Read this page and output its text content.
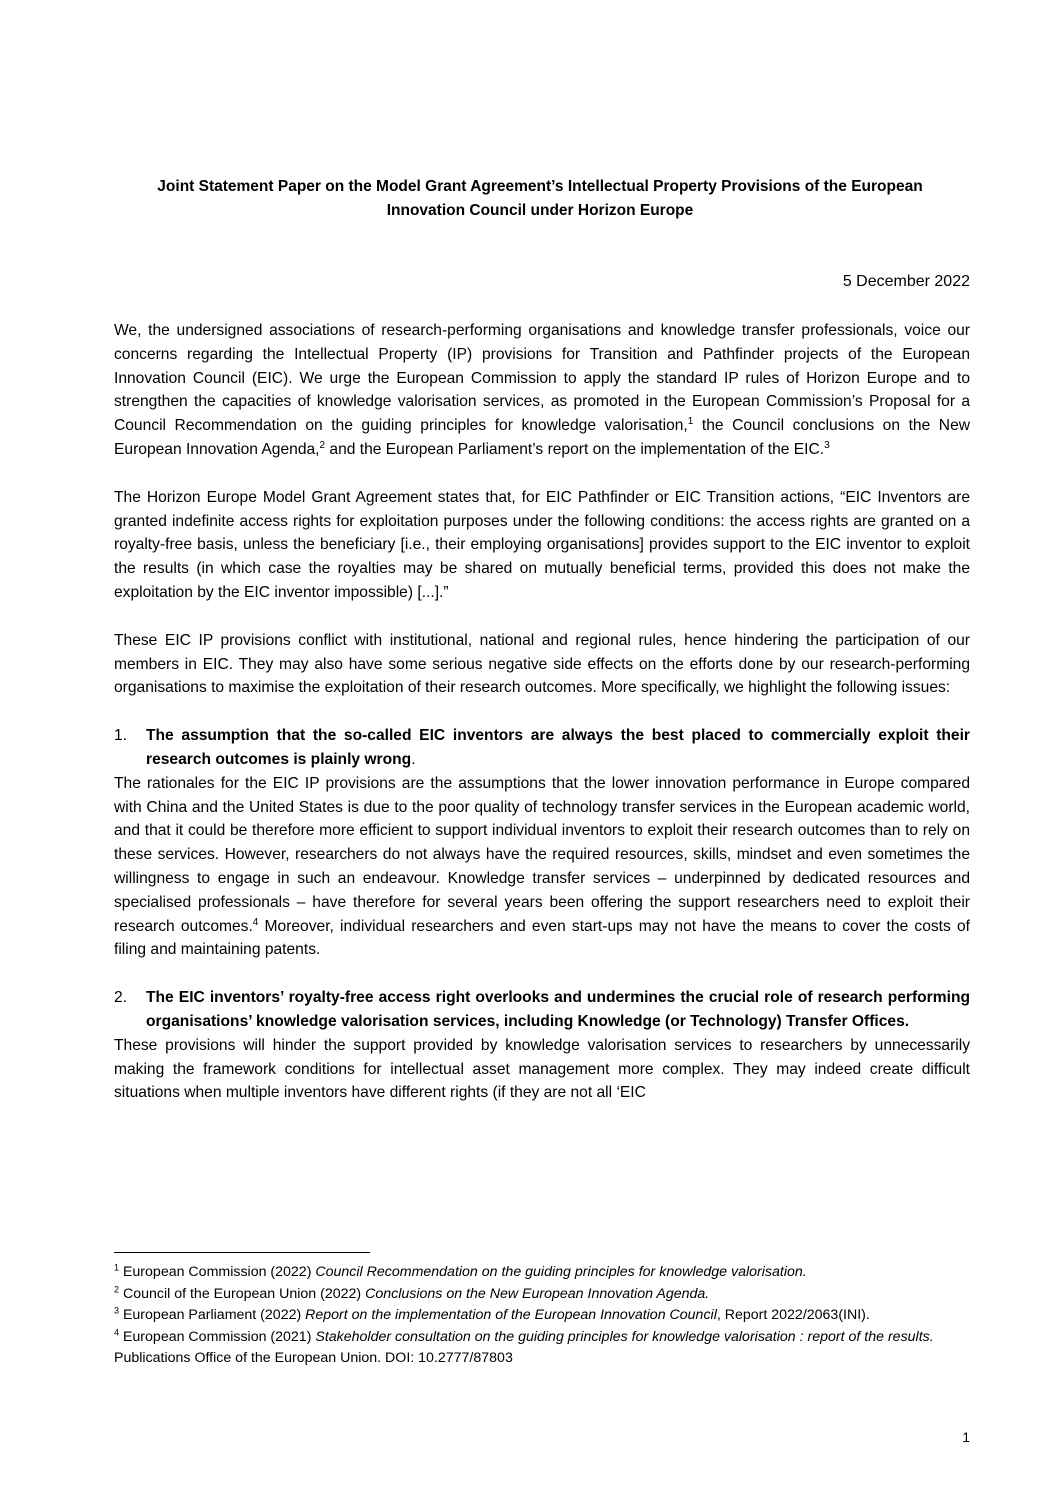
Joint Statement Paper on the Model Grant Agreement’s Intellectual Property Provisions of the European
Innovation Council under Horizon Europe
5 December 2022

We, the undersigned associations of research-performing organisations and knowledge transfer professionals, voice our concerns regarding the Intellectual Property (IP) provisions for Transition and Pathfinder projects of the European Innovation Council (EIC). We urge the European Commission to apply the standard IP rules of Horizon Europe and to strengthen the capacities of knowledge valorisation services, as promoted in the European Commission’s Proposal for a Council Recommendation on the guiding principles for knowledge valorisation,$^1$ the Council conclusions on the New European Innovation Agenda,$^2$ and the European Parliament’s report on the implementation of the EIC.$^3$

The Horizon Europe Model Grant Agreement states that, for EIC Pathfinder or EIC Transition actions, “EIC Inventors are granted indefinite access rights for exploitation purposes under the following conditions: the access rights are granted on a royalty-free basis, unless the beneficiary [i.e., their employing organisations] provides support to the EIC inventor to exploit the results (in which case the royalties may be shared on mutually beneficial terms, provided this does not make the exploitation by the EIC inventor impossible) [...].”

These EIC IP provisions conflict with institutional, national and regional rules, hence hindering the participation of our members in EIC. They may also have some serious negative side effects on the efforts done by our research-performing organisations to maximise the exploitation of their research outcomes. More specifically, we highlight the following issues:

1. The assumption that the so-called EIC inventors are always the best placed to commercially exploit their research outcomes is plainly wrong.

The rationales for the EIC IP provisions are the assumptions that the lower innovation performance in Europe compared with China and the United States is due to the poor quality of technology transfer services in the European academic world, and that it could be therefore more efficient to support individual inventors to exploit their research outcomes than to rely on these services. However, researchers do not always have the required resources, skills, mindset and even sometimes the willingness to engage in such an endeavour. Knowledge transfer services – underpinned by dedicated resources and specialised professionals – have therefore for several years been offering the support researchers need to exploit their research outcomes.$^4$ Moreover, individual researchers and even start-ups may not have the means to cover the costs of filing and maintaining patents.

2. The EIC inventors’ royalty-free access right overlooks and undermines the crucial role of research performing organisations’ knowledge valorisation services, including Knowledge (or Technology) Transfer Offices.

These provisions will hinder the support provided by knowledge valorisation services to researchers by unnecessarily making the framework conditions for intellectual asset management more complex. They may indeed create difficult situations when multiple inventors have different rights (if they are not all ‘EIC

$^1$ European Commission (2022) Council Recommendation on the guiding principles for knowledge valorisation.

$^2$ Council of the European Union (2022) Conclusions on the New European Innovation Agenda.

$^3$ European Parliament (2022) Report on the implementation of the European Innovation Council, Report 2022/2063(INI).

$^4$ European Commission (2021) Stakeholder consultation on the guiding principles for knowledge valorisation : report of the results. Publications Office of the European Union. DOI: 10.2777/87803

1
